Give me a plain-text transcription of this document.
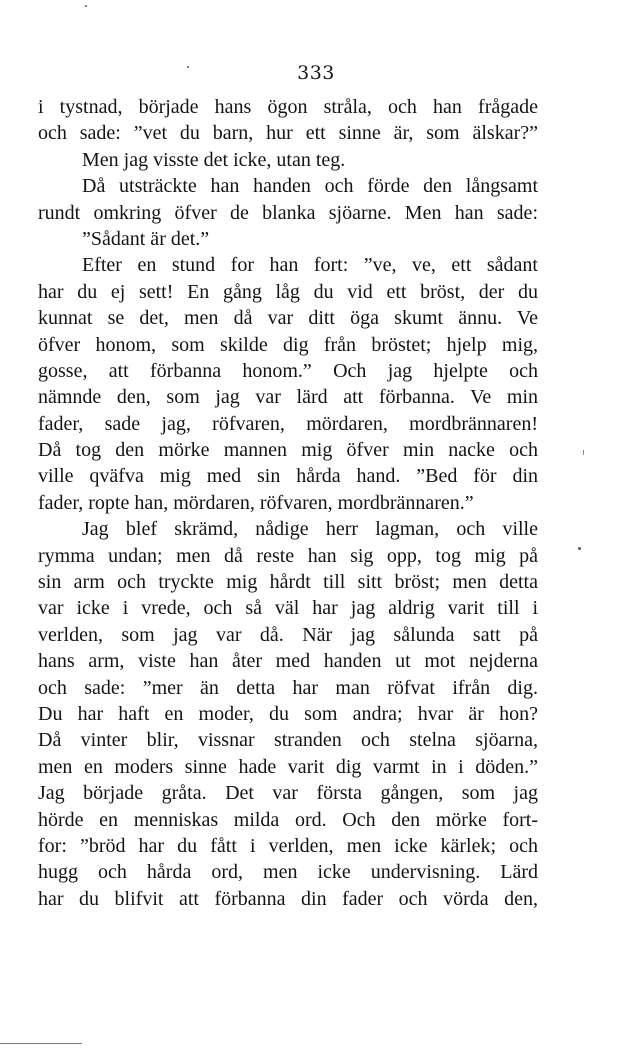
333
i tystnad, började hans ögon stråla, och han frågade
och sade: ”vet du barn, hur ett sinne är, som älskar?”
Men jag visste det icke, utan teg.
Då utsträckte han handen och förde den långsamt
rundt omkring öfver de blanka sjöarne. Men han sade:
”Sådant är det.”
Efter en stund for han fort: ”ve, ve, ett sådant
har du ej sett! En gång låg du vid ett bröst, der du
kunnat se det, men då var ditt öga skumt ännu. Ve
öfver honom, som skilde dig från bröstet; hjelp mig,
gosse, att förbanna honom.” Och jag hjelpte och
nämnde den, som jag var lärd att förbanna. Ve min
fader, sade jag, röfvaren, mördaren, mordbrännaren!
Då tog den mörke mannen mig öfver min nacke och
ville qväfva mig med sin hårda hand. ”Bed för din
fader, ropte han, mördaren, röfvaren, mordbrännaren.”
Jag blef skrämd, nådige herr lagman, och ville
rymma undan; men då reste han sig opp, tog mig på
sin arm och tryckte mig hårdt till sitt bröst; men detta
var icke i vrede, och så väl har jag aldrig varit till i
verlden, som jag var då. När jag sålunda satt på
hans arm, viste han åter med handen ut mot nejderna
och sade: ”mer än detta har man röfvat ifrån dig.
Du har haft en moder, du som andra; hvar är hon?
Då vinter blir, vissnar stranden och stelna sjöarna,
men en moders sinne hade varit dig varmt in i döden.”
Jag började gråta. Det var första gången, som jag
hörde en menniskas milda ord. Och den mörke fort-
for: ”bröd har du fått i verlden, men icke kärlek; och
hugg och hårda ord, men icke undervisning. Lärd
har du blifvit att förbanna din fader och vörda den,
